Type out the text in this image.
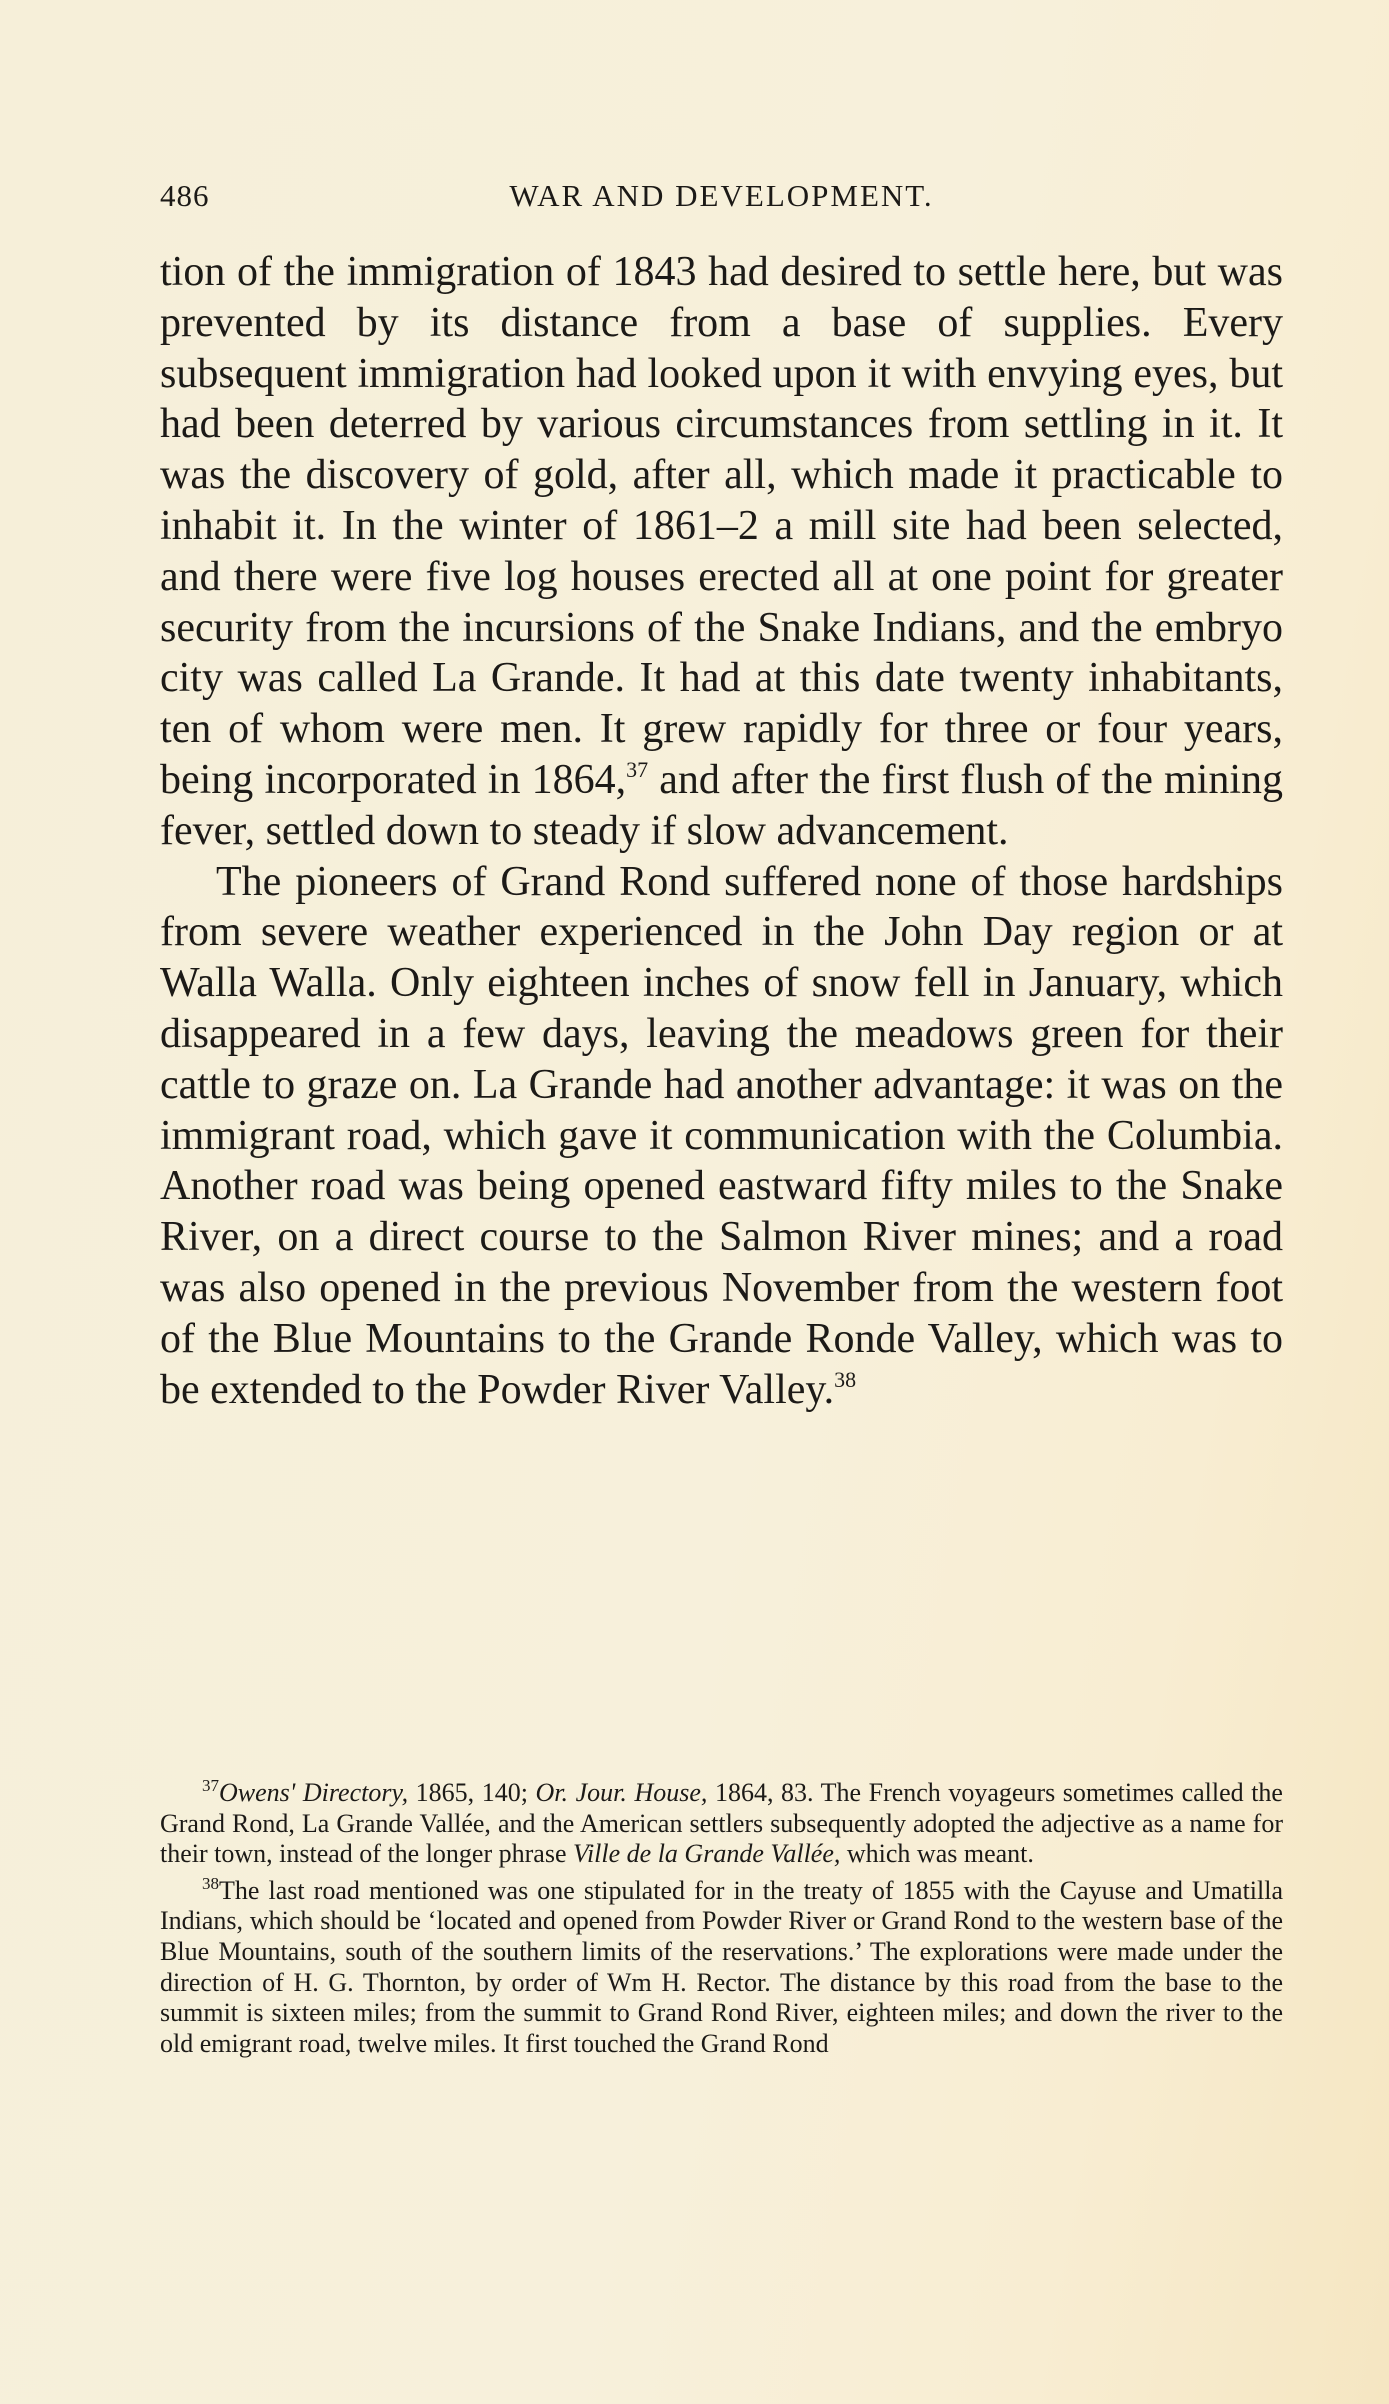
486	WAR AND DEVELOPMENT.

tion of the immigration of 1843 had desired to settle here, but was prevented by its distance from a base of supplies. Every subsequent immigration had looked upon it with envying eyes, but had been deterred by various circumstances from settling in it. It was the discovery of gold, after all, which made it practicable to inhabit it. In the winter of 1861–2 a mill site had been selected, and there were five log houses erected all at one point for greater security from the incursions of the Snake Indians, and the embryo city was called La Grande. It had at this date twenty inhabitants, ten of whom were men. It grew rapidly for three or four years, being incorporated in 1864,37 and after the first flush of the mining fever, settled down to steady if slow advancement.

The pioneers of Grand Rond suffered none of those hardships from severe weather experienced in the John Day region or at Walla Walla. Only eighteen inches of snow fell in January, which disappeared in a few days, leaving the meadows green for their cattle to graze on. La Grande had another advantage: it was on the immigrant road, which gave it communication with the Columbia. Another road was being opened eastward fifty miles to the Snake River, on a direct course to the Salmon River mines; and a road was also opened in the previous November from the western foot of the Blue Mountains to the Grande Ronde Valley, which was to be extended to the Powder River Valley.$^{38}$

$^{37}$Owens' Directory, 1865, 140; Or. Jour. House, 1864, 83. The French voyageurs sometimes called the Grand Rond, La Grande Vallée, and the American settlers subsequently adopted the adjective as a name for their town, instead of the longer phrase Ville de la Grande Vallée, which was meant.

$^{38}$The last road mentioned was one stipulated for in the treaty of 1855 with the Cayuse and Umatilla Indians, which should be ‘located and opened from Powder River or Grand Rond to the western base of the Blue Mountains, south of the southern limits of the reservations.’ The explorations were made under the direction of H. G. Thornton, by order of Wm H. Rector. The distance by this road from the base to the summit is sixteen miles; from the summit to Grand Rond River, eighteen miles; and down the river to the old emigrant road, twelve miles. It first touched the Grand Rond
